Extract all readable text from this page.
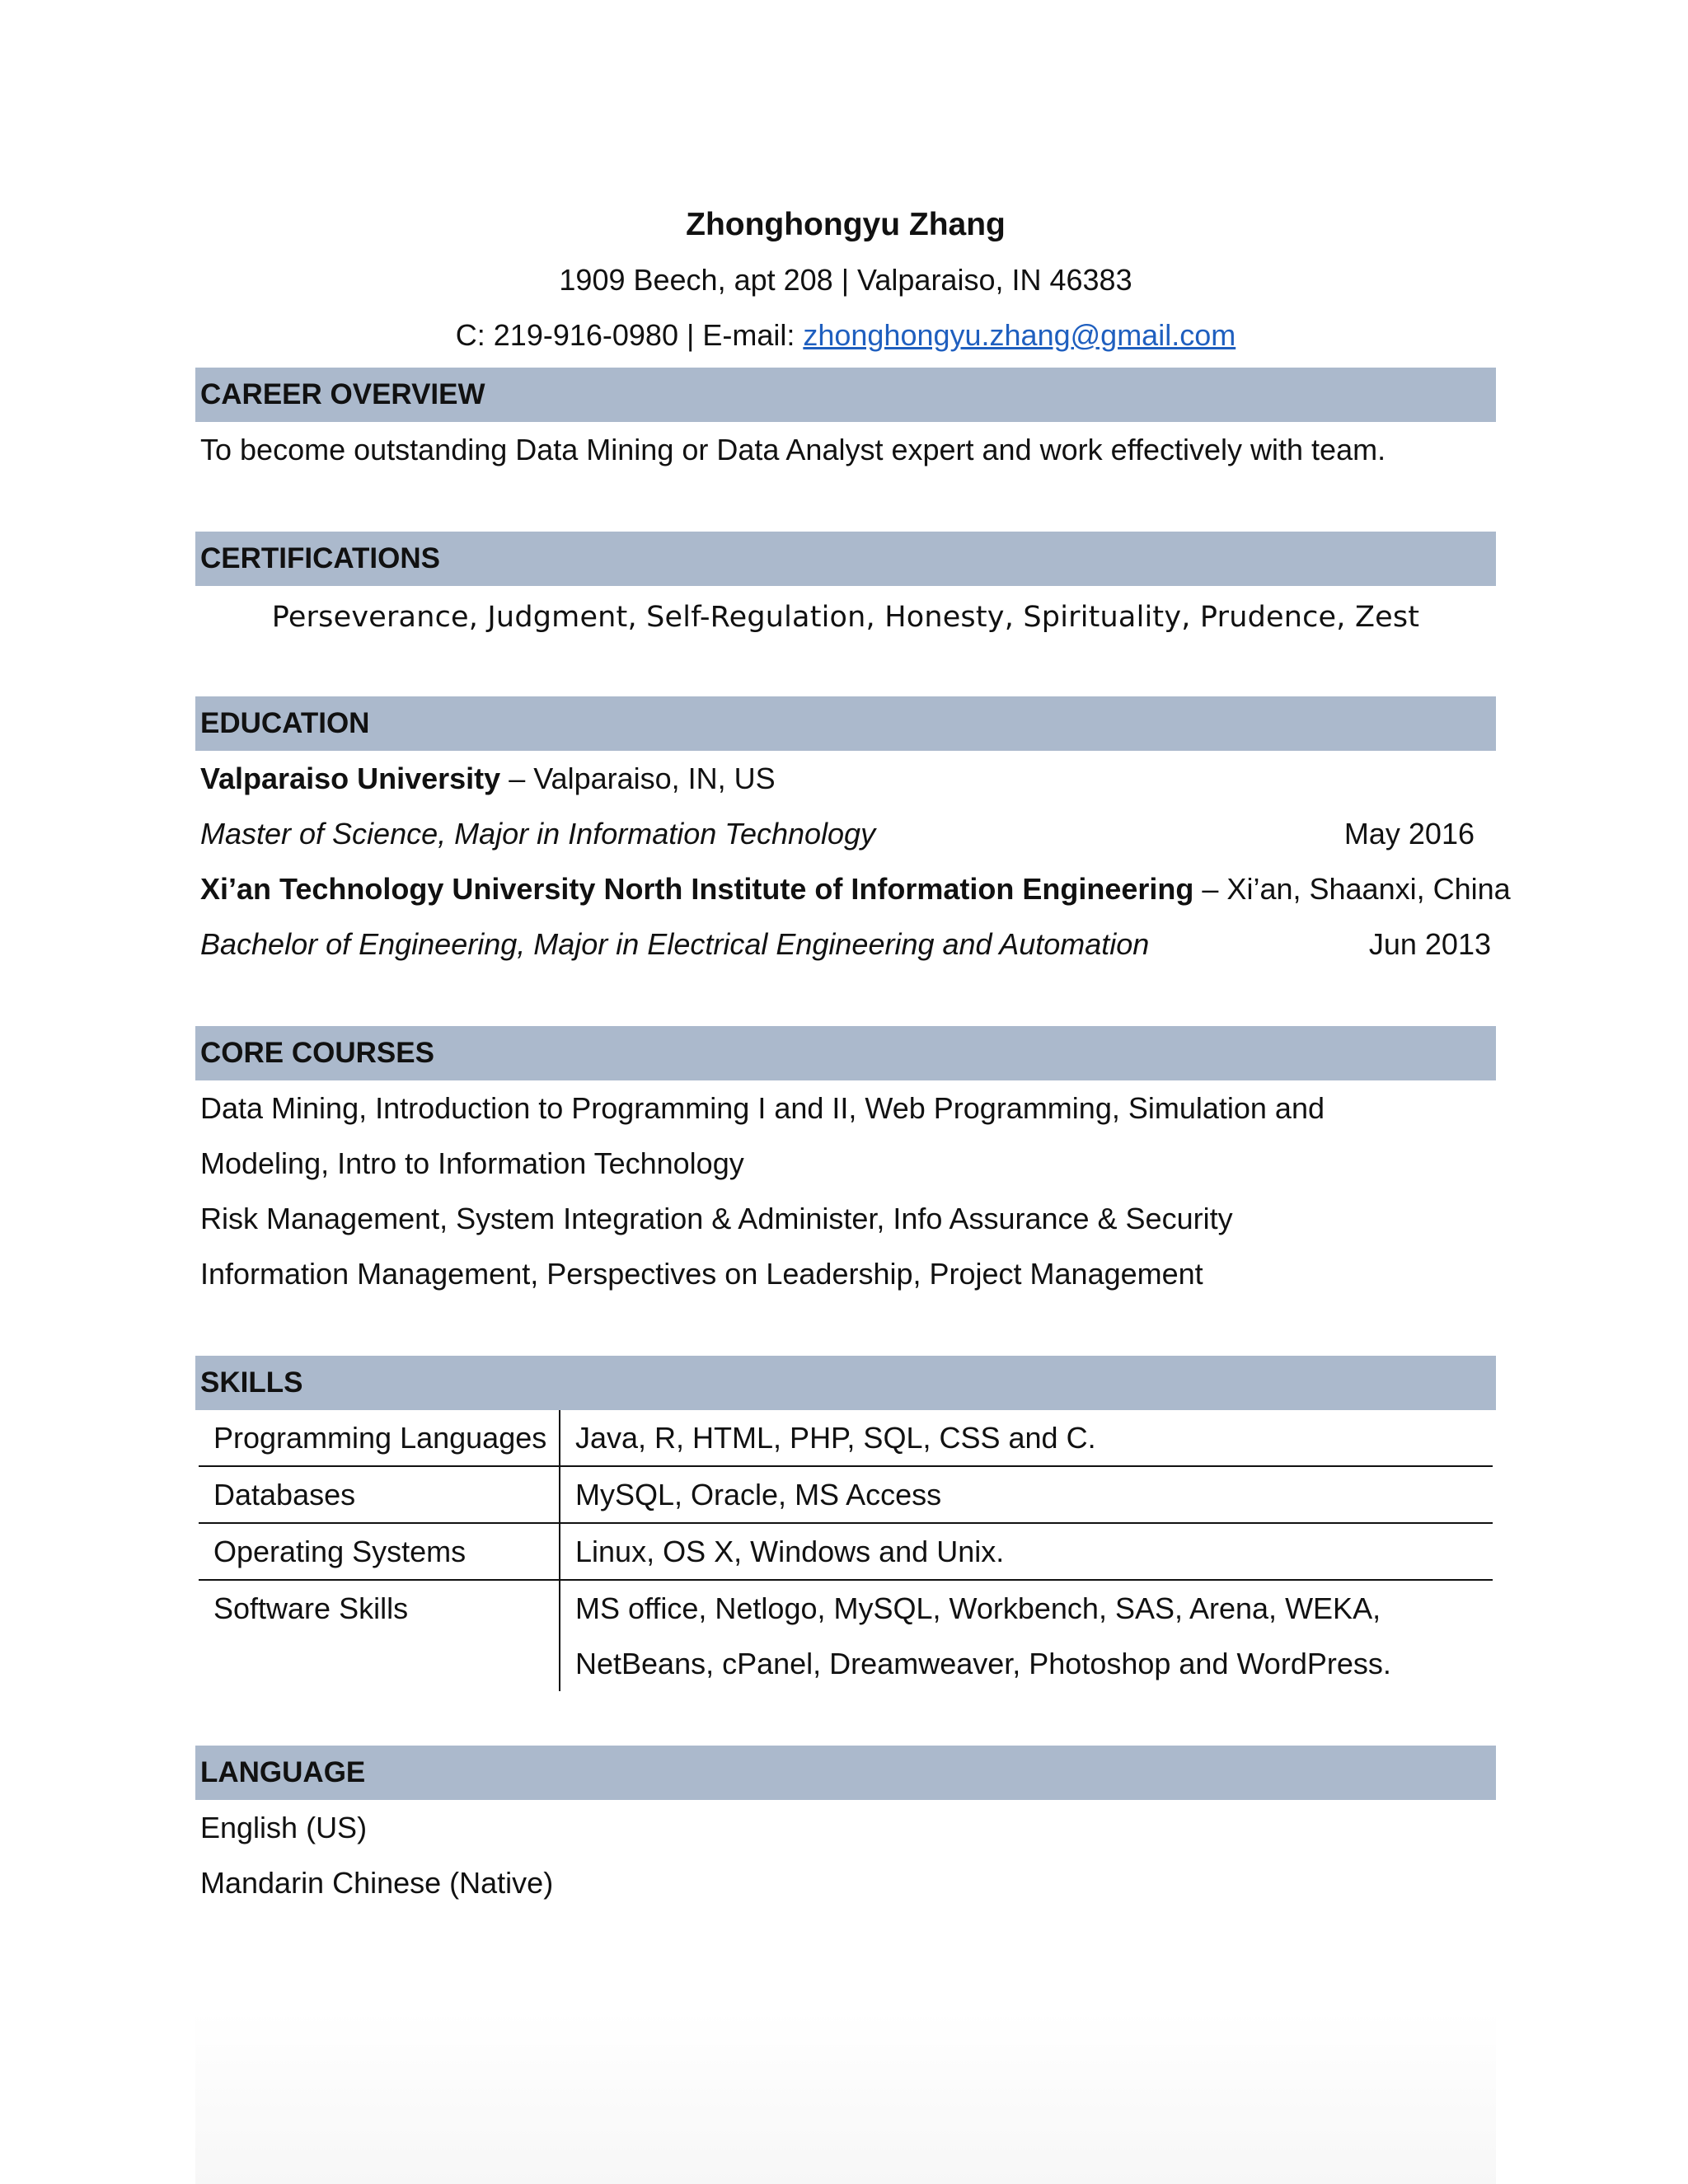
Zhonghongyu Zhang
1909 Beech, apt 208 | Valparaiso, IN 46383
C: 219-916-0980 | E-mail: zhonghongyu.zhang@gmail.com
CAREER OVERVIEW
To become outstanding Data Mining or Data Analyst expert and work effectively with team.
CERTIFICATIONS
Perseverance, Judgment, Self-Regulation, Honesty, Spirituality, Prudence, Zest
EDUCATION
Valparaiso University – Valparaiso, IN, US
Master of Science, Major in Information Technology	May 2016
Xi’an Technology University North Institute of Information Engineering – Xi’an, Shaanxi, China
Bachelor of Engineering, Major in Electrical Engineering and Automation	Jun 2013
CORE COURSES
Data Mining, Introduction to Programming I and II, Web Programming, Simulation and
Modeling, Intro to Information Technology
Risk Management, System Integration & Administer, Info Assurance & Security
Information Management, Perspectives on Leadership, Project Management
SKILLS
Programming Languages	Java, R, HTML, PHP, SQL, CSS and C.
Databases	MySQL, Oracle, MS Access
Operating Systems	Linux, OS X, Windows and Unix.
Software Skills	MS office, Netlogo, MySQL, Workbench, SAS, Arena, WEKA,
NetBeans, cPanel, Dreamweaver, Photoshop and WordPress.
LANGUAGE
English (US)
Mandarin Chinese (Native)
